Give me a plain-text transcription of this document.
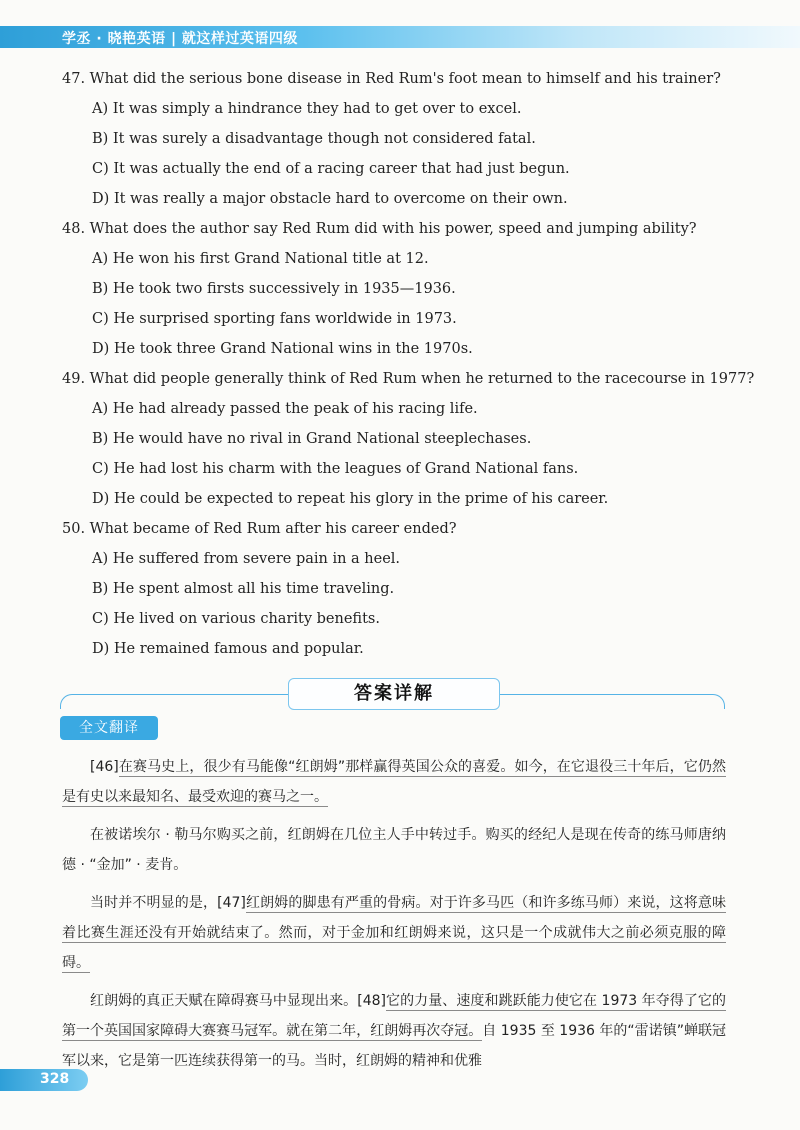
学丞 · 晓艳英语 | 就这样过英语四级
47. What did the serious bone disease in Red Rum's foot mean to himself and his trainer?
A) It was simply a hindrance they had to get over to excel.
B) It was surely a disadvantage though not considered fatal.
C) It was actually the end of a racing career that had just begun.
D) It was really a major obstacle hard to overcome on their own.
48. What does the author say Red Rum did with his power, speed and jumping ability?
A) He won his first Grand National title at 12.
B) He took two firsts successively in 1935—1936.
C) He surprised sporting fans worldwide in 1973.
D) He took three Grand National wins in the 1970s.
49. What did people generally think of Red Rum when he returned to the racecourse in 1977?
A) He had already passed the peak of his racing life.
B) He would have no rival in Grand National steeplechases.
C) He had lost his charm with the leagues of Grand National fans.
D) He could be expected to repeat his glory in the prime of his career.
50. What became of Red Rum after his career ended?
A) He suffered from severe pain in a heel.
B) He spent almost all his time traveling.
C) He lived on various charity benefits.
D) He remained famous and popular.
答案详解
全文翻译

[46]在赛马史上，很少有马能像“红朗姆”那样赢得英国公众的喜爱。如今，在它退役三十年后，它仍然是有史以来最知名、最受欢迎的赛马之一。

在被诺埃尔 · 勒马尔购买之前，红朗姆在几位主人手中转过手。购买的经纪人是现在传奇的练马师唐纳德 · “金加” · 麦肯。

当时并不明显的是，[47]红朗姆的脚患有严重的骨病。对于许多马匹（和许多练马师）来说，这将意味着比赛生涯还没有开始就结束了。然而，对于金加和红朗姆来说，这只是一个成就伟大之前必须克服的障碍。

红朗姆的真正天赋在障碍赛马中显现出来。[48]它的力量、速度和跳跃能力使它在 1973 年夺得了它的第一个英国国家障碍大赛赛马冠军。就在第二年，红朗姆再次夺冠。自 1935 至 1936 年的“雷诺镇”蝉联冠军以来，它是第一匹连续获得第一的马。当时，红朗姆的精神和优雅

328
